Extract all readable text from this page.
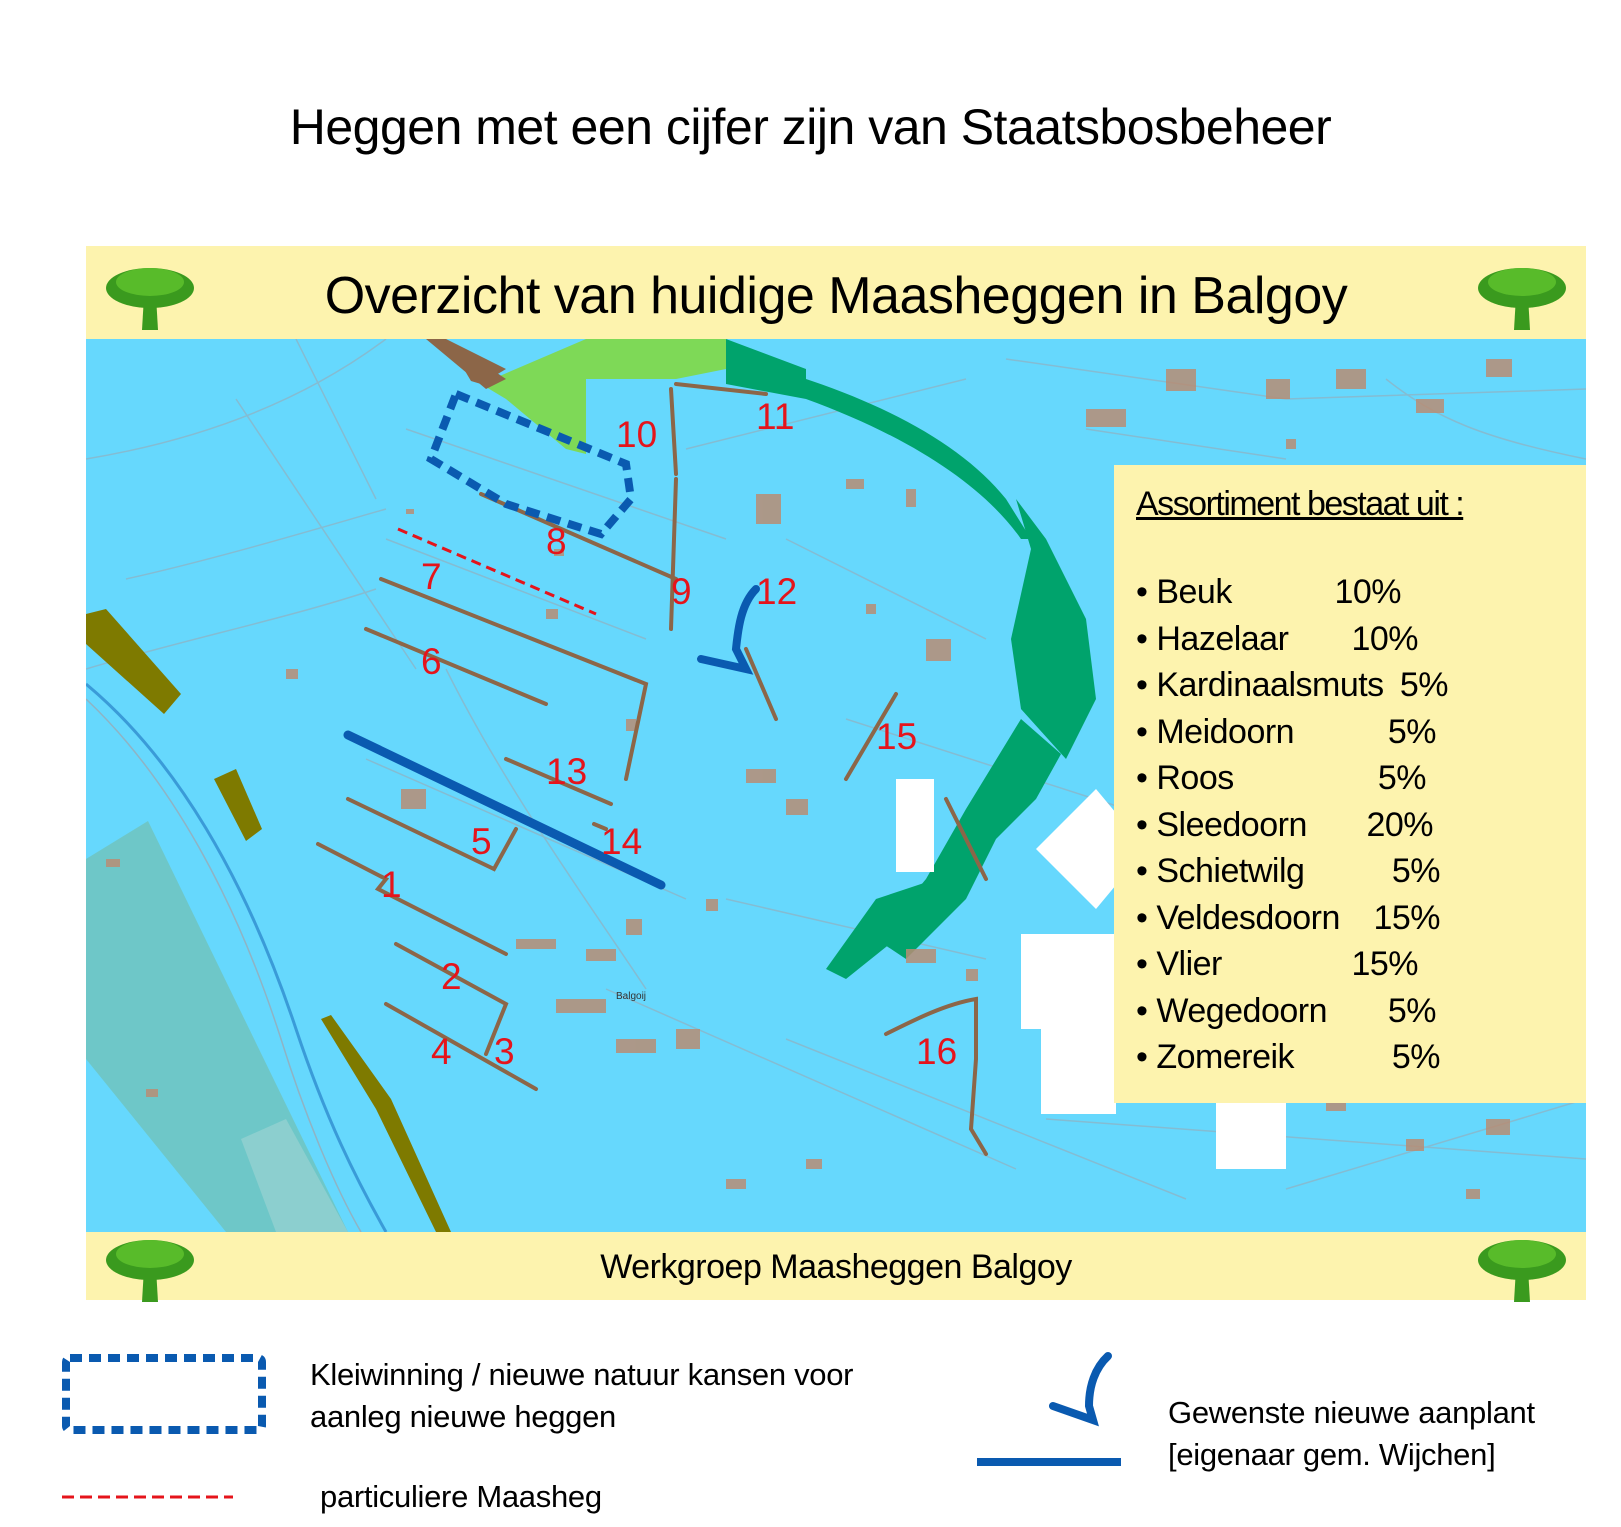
Heggen met een cijfer zijn van Staatsbosbeheer
10	11
8
7	9 12
6
15
13
5	14
1
2
4 3	16
Balgoij
Assortiment bestaat uit :
• Beuk	10%
• Hazelaar	10%
• Kardinaalsmuts 5%
• Meidoorn	5%
• Roos	5%
• Sleedoorn	20%
• Schietwilg	5%
• Veldesdoorn 15%
• Vlier	15%
• Wegedoorn	5%
• Zomereik	5%
Overzicht van huidige Maasheggen in Balgoy
Werkgroep Maasheggen Balgoy
Kleiwinning / nieuwe natuur kansen voor
aanleg nieuwe heggen
particuliere Maasheg
Gewenste nieuwe aanplant
[eigenaar gem. Wijchen]
